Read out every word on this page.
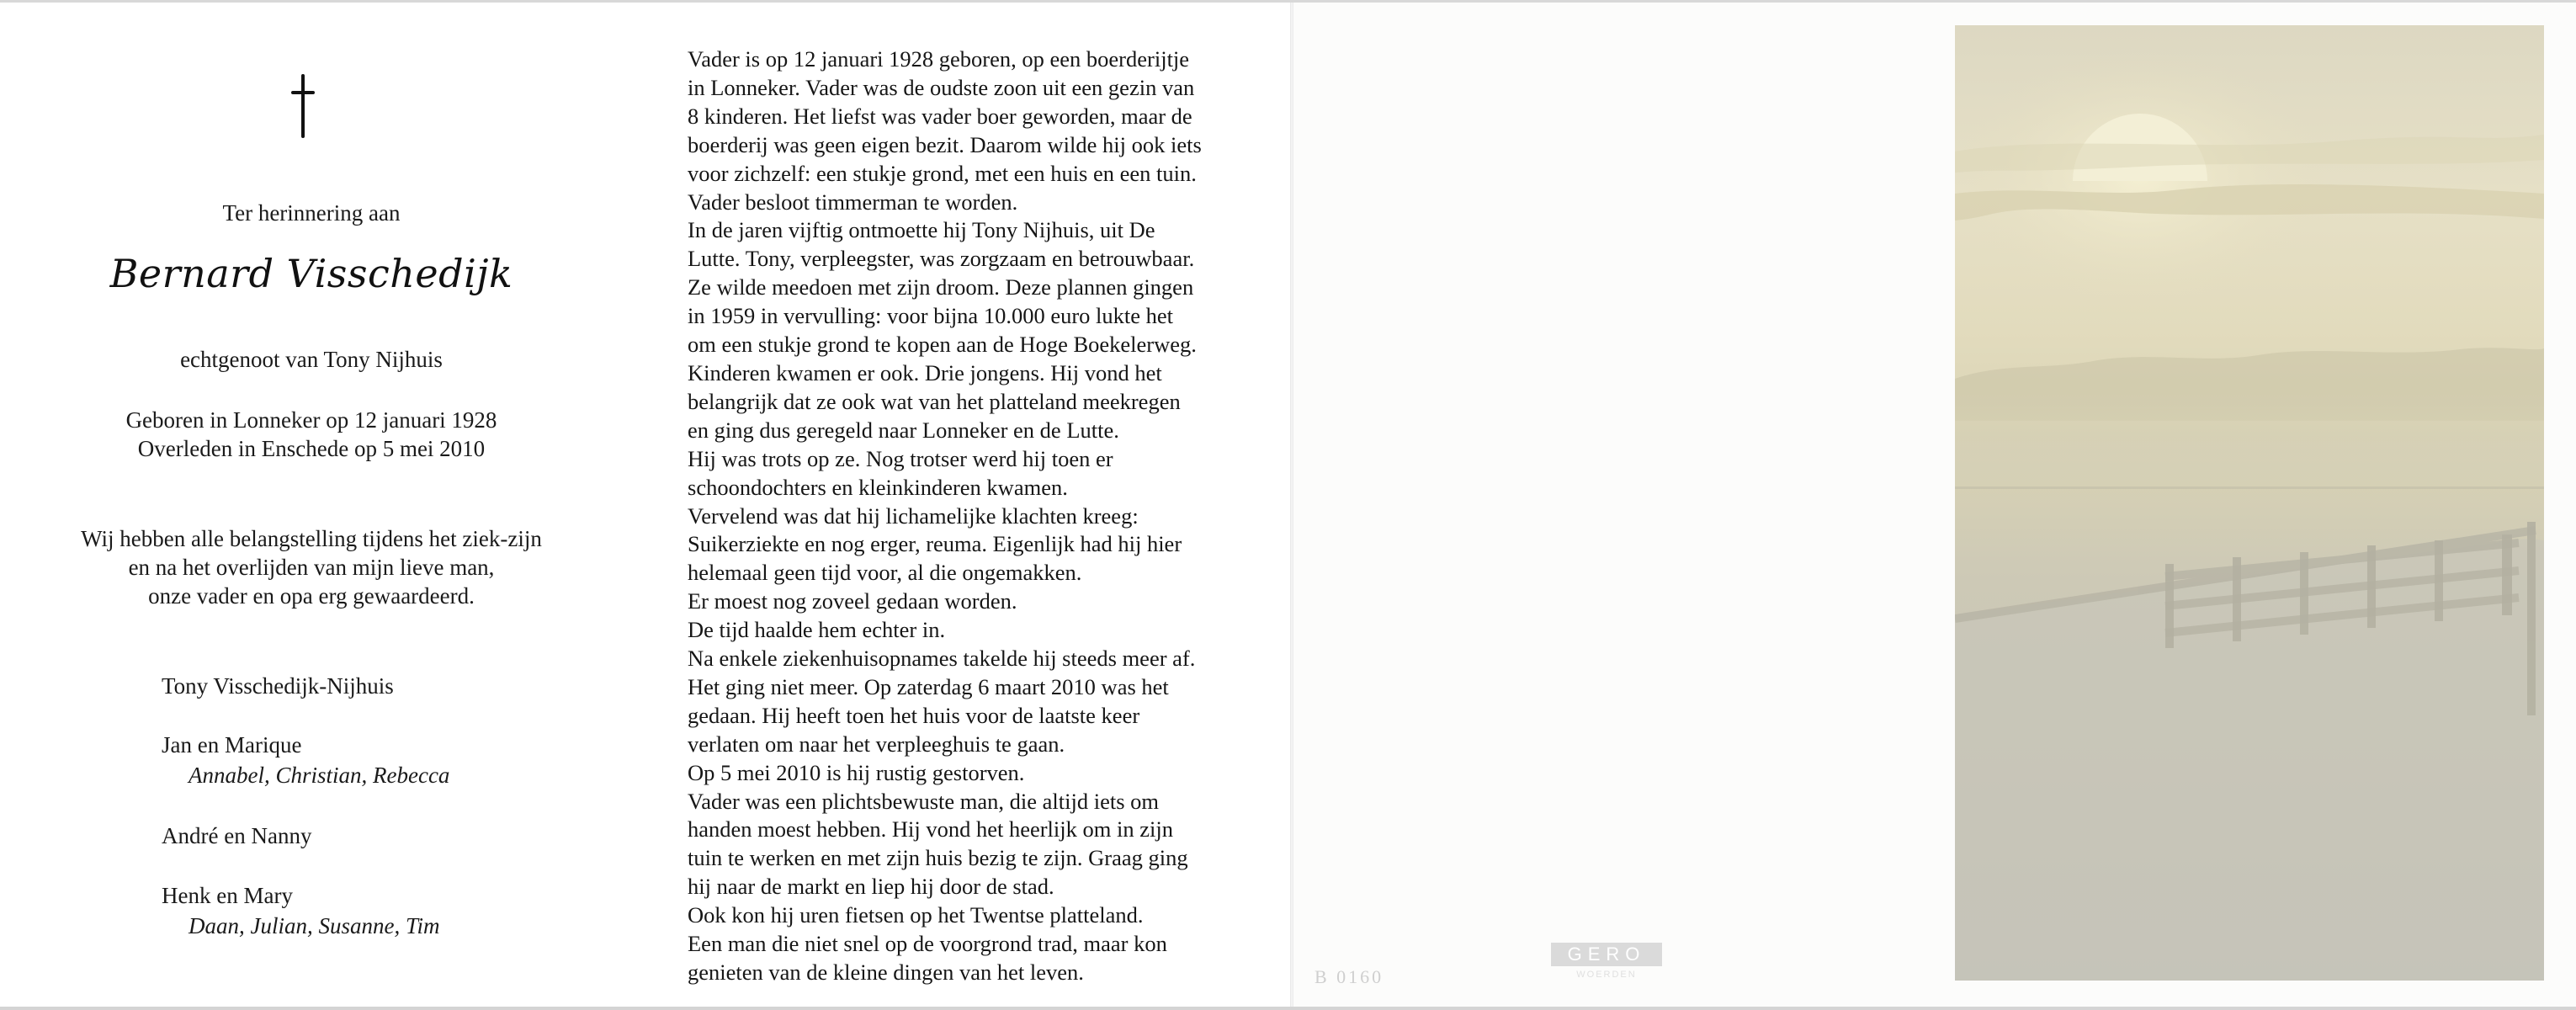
Ter herinnering aan
Bernard Visschedijk
echtgenoot van Tony Nijhuis
Geboren in Lonneker op 12 januari 1928
Overleden in Enschede op 5 mei 2010
Wij hebben alle belangstelling tijdens het ziek-zijn
en na het overlijden van mijn lieve man,
onze vader en opa erg gewaardeerd.
Tony Visschedijk-Nijhuis
Jan en Marique
Annabel, Christian, Rebecca
André en Nanny
Henk en Mary
Daan, Julian, Susanne, Tim
Vader is op 12 januari 1928 geboren, op een boerderijtje
in Lonneker. Vader was de oudste zoon uit een gezin van
8 kinderen. Het liefst was vader boer geworden, maar de
boerderij was geen eigen bezit. Daarom wilde hij ook iets
voor zichzelf: een stukje grond, met een huis en een tuin.
Vader besloot timmerman te worden.
In de jaren vijftig ontmoette hij Tony Nijhuis, uit De
Lutte. Tony, verpleegster, was zorgzaam en betrouwbaar.
Ze wilde meedoen met zijn droom. Deze plannen gingen
in 1959 in vervulling: voor bijna 10.000 euro lukte het
om een stukje grond te kopen aan de Hoge Boekelerweg.
Kinderen kwamen er ook. Drie jongens. Hij vond het
belangrijk dat ze ook wat van het platteland meekregen
en ging dus geregeld naar Lonneker en de Lutte.
Hij was trots op ze. Nog trotser werd hij toen er
schoondochters en kleinkinderen kwamen.
Vervelend was dat hij lichamelijke klachten kreeg:
Suikerziekte en nog erger, reuma. Eigenlijk had hij hier
helemaal geen tijd voor, al die ongemakken.
Er moest nog zoveel gedaan worden.
De tijd haalde hem echter in.
Na enkele ziekenhuisopnames takelde hij steeds meer af.
Het ging niet meer. Op zaterdag 6 maart 2010 was het
gedaan. Hij heeft toen het huis voor de laatste keer
verlaten om naar het verpleeghuis te gaan.
Op 5 mei 2010 is hij rustig gestorven.
Vader was een plichtsbewuste man, die altijd iets om
handen moest hebben. Hij vond het heerlijk om in zijn
tuin te werken en met zijn huis bezig te zijn. Graag ging
hij naar de markt en liep hij door de stad.
Ook kon hij uren fietsen op het Twentse platteland.
Een man die niet snel op de voorgrond trad, maar kon
genieten van de kleine dingen van het leven.	B 0160
GERO
WOERDEN
